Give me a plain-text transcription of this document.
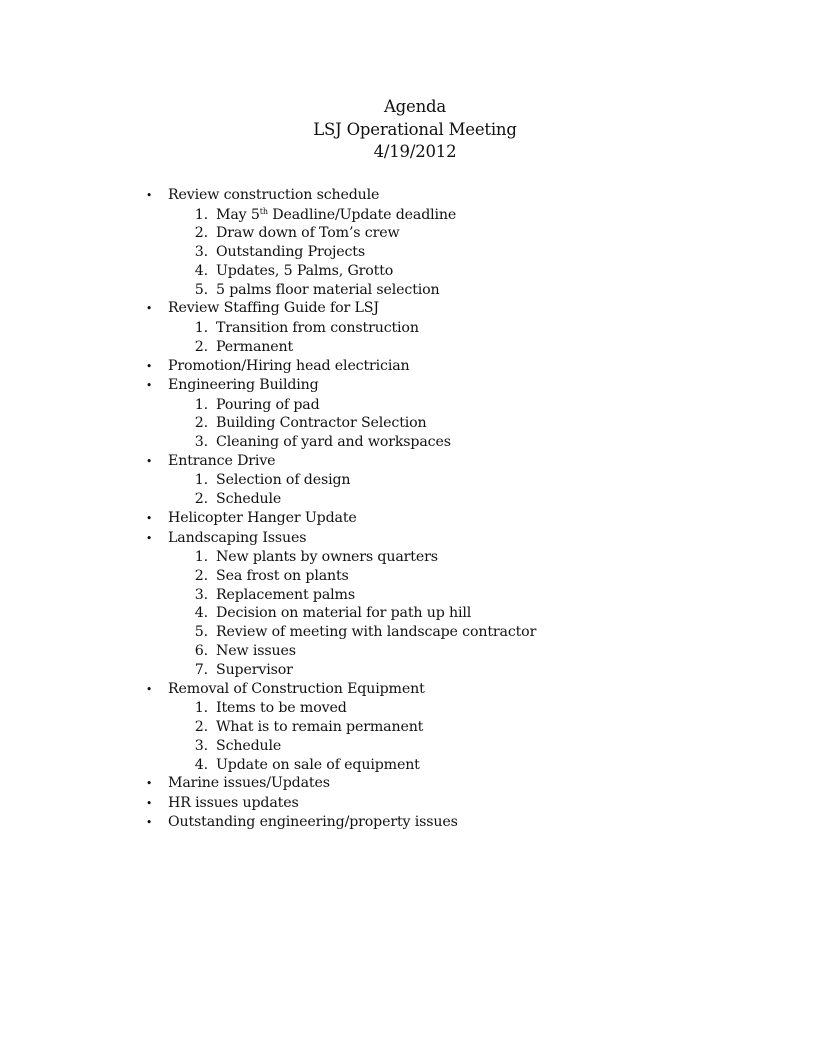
Agenda
LSJ Operational Meeting
4/19/2012
• Review construction schedule
1. May 5th Deadline/Update deadline
2. Draw down of Tom’s crew
3. Outstanding Projects
4. Updates, 5 Palms, Grotto
5. 5 palms floor material selection
• Review Staffing Guide for LSJ
1. Transition from construction
2. Permanent
• Promotion/Hiring head electrician
• Engineering Building
1. Pouring of pad
2. Building Contractor Selection
3. Cleaning of yard and workspaces
• Entrance Drive
1. Selection of design
2. Schedule
• Helicopter Hanger Update
• Landscaping Issues
1. New plants by owners quarters
2. Sea frost on plants
3. Replacement palms
4. Decision on material for path up hill
5. Review of meeting with landscape contractor
6. New issues
7. Supervisor
• Removal of Construction Equipment
1. Items to be moved
2. What is to remain permanent
3. Schedule
4. Update on sale of equipment
• Marine issues/Updates
• HR issues updates
• Outstanding engineering/property issues
